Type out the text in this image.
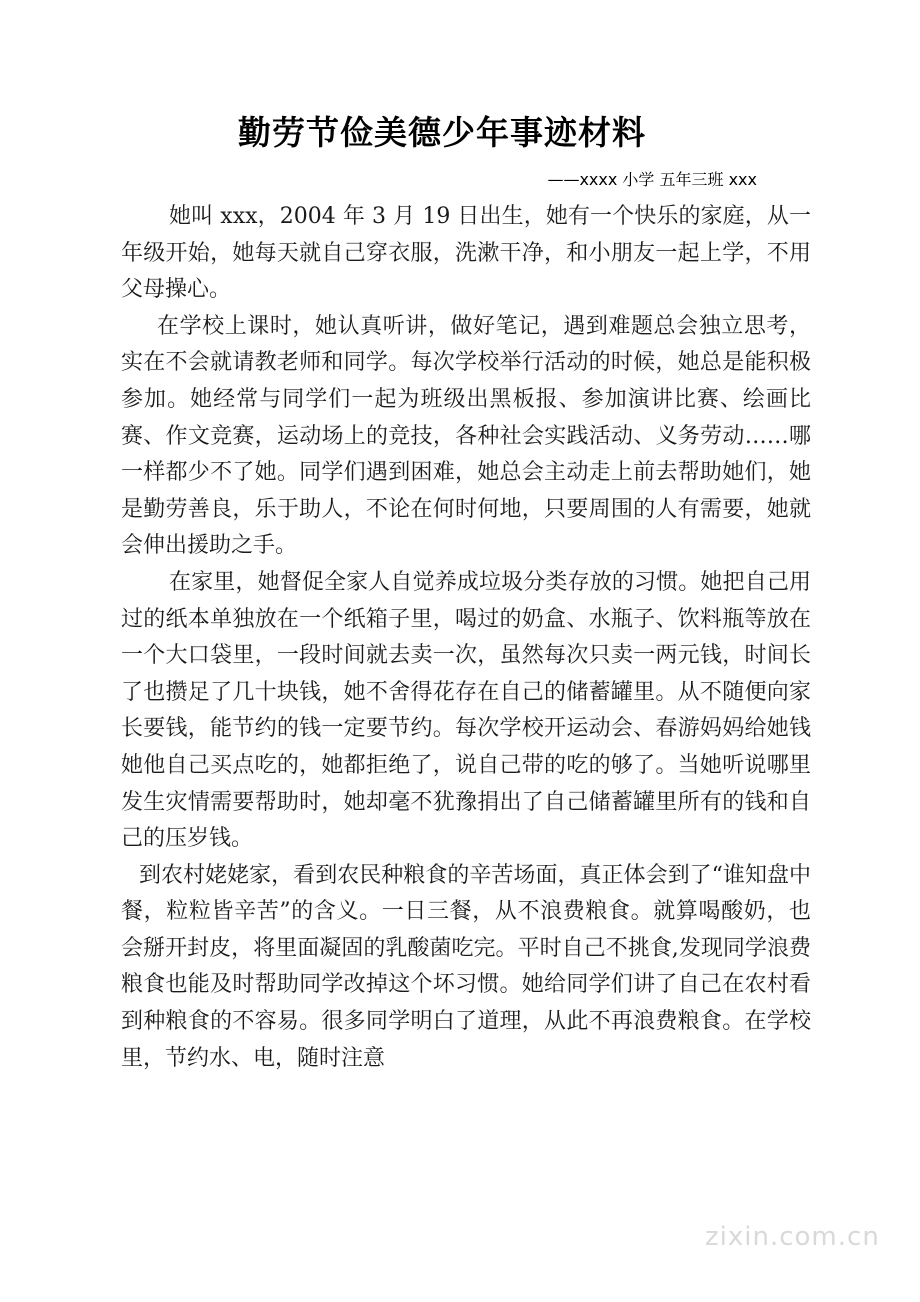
勤劳节俭美德少年事迹材料
——xxxx 小学 五年三班 xxx

她叫 xxx，2004 年 3 月 19 日出生，她有一个快乐的家庭，从一年级开始，她每天就自己穿衣服，洗漱干净，和小朋友一起上学，不用父母操心。

在学校上课时，她认真听讲，做好笔记，遇到难题总会独立思考，实在不会就请教老师和同学。每次学校举行活动的时候，她总是能积极参加。她经常与同学们一起为班级出黑板报、参加演讲比赛、绘画比赛、作文竞赛，运动场上的竞技，各种社会实践活动、义务劳动……哪一样都少不了她。同学们遇到困难，她总会主动走上前去帮助她们，她是勤劳善良，乐于助人，不论在何时何地，只要周围的人有需要，她就会伸出援助之手。

在家里，她督促全家人自觉养成垃圾分类存放的习惯。她把自己用过的纸本单独放在一个纸箱子里，喝过的奶盒、水瓶子、饮料瓶等放在一个大口袋里，一段时间就去卖一次，虽然每次只卖一两元钱，时间长了也攒足了几十块钱，她不舍得花存在自己的储蓄罐里。从不随便向家长要钱，能节约的钱一定要节约。每次学校开运动会、春游妈妈给她钱她他自己买点吃的，她都拒绝了，说自己带的吃的够了。当她听说哪里发生灾情需要帮助时，她却毫不犹豫捐出了自己储蓄罐里所有的钱和自己的压岁钱。

到农村姥姥家，看到农民种粮食的辛苦场面，真正体会到了“谁知盘中餐，粒粒皆辛苦”的含义。一日三餐，从不浪费粮食。就算喝酸奶，也会掰开封皮，将里面凝固的乳酸菌吃完。平时自己不挑食,发现同学浪费粮食也能及时帮助同学改掉这个坏习惯。她给同学们讲了自己在农村看到种粮食的不容易。很多同学明白了道理，从此不再浪费粮食。在学校里，节约水、电，随时注意

zixin.com.cn
